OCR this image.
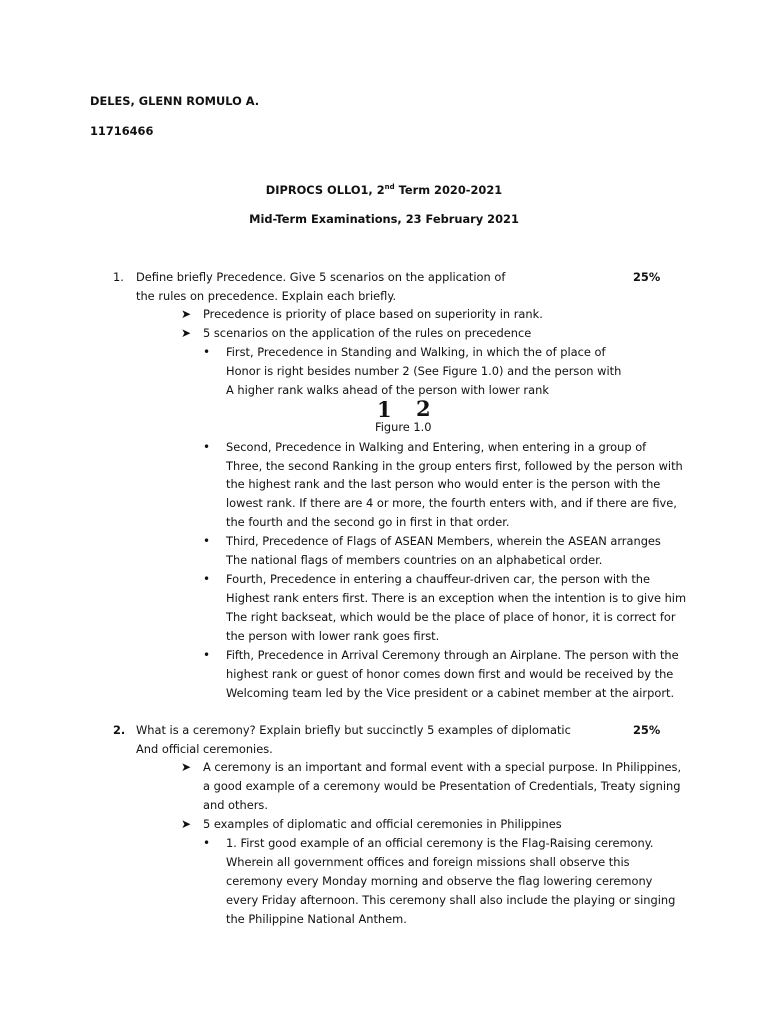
DELES, GLENN ROMULO A.
11716466
DIPROCS OLLO1, 2nd Term 2020-2021
Mid-Term Examinations, 23 February 2021
1. Define briefly Precedence. Give 5 scenarios on the application of	25%
the rules on precedence. Explain each briefly.
➤ Precedence is priority of place based on superiority in rank.
➤ 5 scenarios on the application of the rules on precedence
• First, Precedence in Standing and Walking, in which the of place of
Honor is right besides number 2 (See Figure 1.0) and the person with
A higher rank walks ahead of the person with lower rank
1 2
Figure 1.0
• Second, Precedence in Walking and Entering, when entering in a group of
Three, the second Ranking in the group enters first, followed by the person with
the highest rank and the last person who would enter is the person with the
lowest rank. If there are 4 or more, the fourth enters with, and if there are five,
the fourth and the second go in first in that order.
• Third, Precedence of Flags of ASEAN Members, wherein the ASEAN arranges
The national flags of members countries on an alphabetical order.
• Fourth, Precedence in entering a chauffeur-driven car, the person with the
Highest rank enters first. There is an exception when the intention is to give him
The right backseat, which would be the place of place of honor, it is correct for
the person with lower rank goes first.
• Fifth, Precedence in Arrival Ceremony through an Airplane. The person with the
highest rank or guest of honor comes down first and would be received by the
Welcoming team led by the Vice president or a cabinet member at the airport.
2. What is a ceremony? Explain briefly but succinctly 5 examples of diplomatic	25%
And official ceremonies.
➤ A ceremony is an important and formal event with a special purpose. In Philippines,
a good example of a ceremony would be Presentation of Credentials, Treaty signing
and others.
➤ 5 examples of diplomatic and official ceremonies in Philippines
• 1. First good example of an official ceremony is the Flag-Raising ceremony.
Wherein all government offices and foreign missions shall observe this
ceremony every Monday morning and observe the flag lowering ceremony
every Friday afternoon. This ceremony shall also include the playing or singing
the Philippine National Anthem.
